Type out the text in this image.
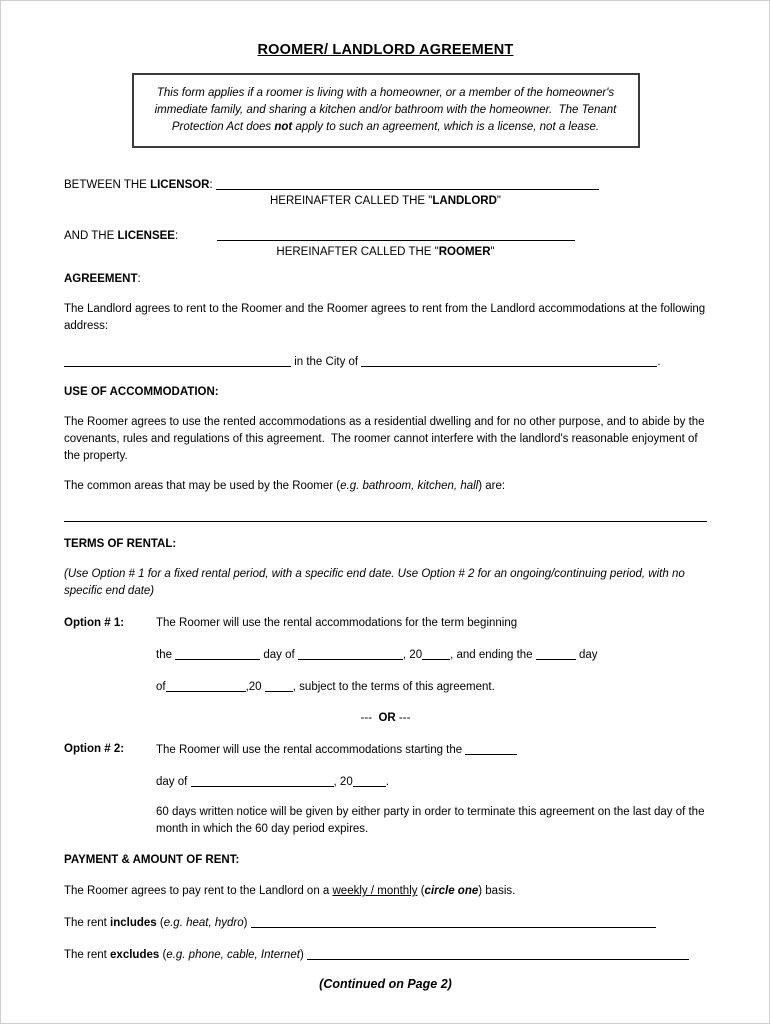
ROOMER/ LANDLORD AGREEMENT
This form applies if a roomer is living with a homeowner, or a member of the homeowner's immediate family, and sharing a kitchen and/or bathroom with the homeowner.  The Tenant Protection Act does not apply to such an agreement, which is a license, not a lease.

BETWEEN THE LICENSOR:

HEREINAFTER CALLED THE "LANDLORD"

AND THE LICENSEE:

HEREINAFTER CALLED THE "ROOMER"

AGREEMENT:

The Landlord agrees to rent to the Roomer and the Roomer agrees to rent from the Landlord accommodations at the following address:

in the City of	.

USE OF ACCOMMODATION:

The Roomer agrees to use the rented accommodations as a residential dwelling and for no other purpose, and to abide by the covenants, rules and regulations of this agreement.  The roomer cannot interfere with the landlord's reasonable enjoyment of the property.

The common areas that may be used by the Roomer (e.g. bathroom, kitchen, hall) are:

TERMS OF RENTAL:

(Use Option # 1 for a fixed rental period, with a specific end date. Use Option # 2 for an ongoing/continuing period, with no specific end date)

Option # 1:	The Roomer will use the rental accommodations for the term beginning

the	day of	, 20 , and ending the	day

of	,20 , subject to the terms of this agreement.

---  OR ---

Option # 2:	The Roomer will use the rental accommodations starting the

day of	, 20	.

60 days written notice will be given by either party in order to terminate this agreement on the last day of the month in which the 60 day period expires.

PAYMENT & AMOUNT OF RENT:

The Roomer agrees to pay rent to the Landlord on a weekly / monthly (circle one) basis.

The rent includes (e.g. heat, hydro)

The rent excludes (e.g. phone, cable, Internet)

(Continued on Page 2)
